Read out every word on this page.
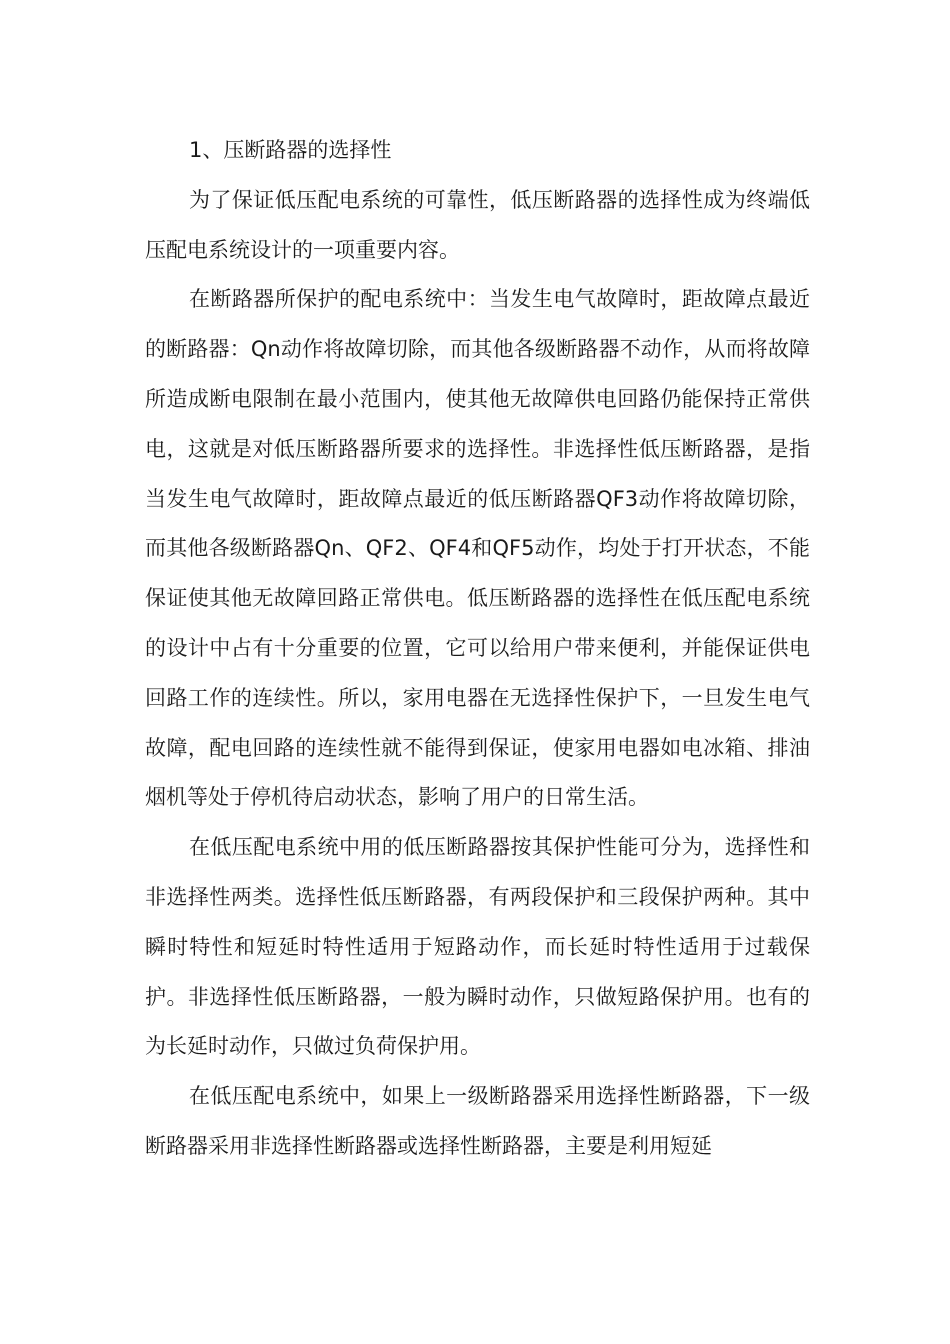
1、压断路器的选择性

为了保证低压配电系统的可靠性，低压断路器的选择性成为终端低压配电系统设计的一项重要内容。

在断路器所保护的配电系统中：当发生电气故障时，距故障点最近的断路器：Qn动作将故障切除，而其他各级断路器不动作，从而将故障所造成断电限制在最小范围内，使其他无故障供电回路仍能保持正常供电，这就是对低压断路器所要求的选择性。非选择性低压断路器，是指当发生电气故障时，距故障点最近的低压断路器QF3动作将故障切除，而其他各级断路器Qn、QF2、QF4和QF5动作，均处于打开状态，不能保证使其他无故障回路正常供电。低压断路器的选择性在低压配电系统的设计中占有十分重要的位置，它可以给用户带来便利，并能保证供电回路工作的连续性。所以，家用电器在无选择性保护下，一旦发生电气故障，配电回路的连续性就不能得到保证，使家用电器如电冰箱、排油烟机等处于停机待启动状态，影响了用户的日常生活。

在低压配电系统中用的低压断路器按其保护性能可分为，选择性和非选择性两类。选择性低压断路器，有两段保护和三段保护两种。其中瞬时特性和短延时特性适用于短路动作，而长延时特性适用于过载保护。非选择性低压断路器，一般为瞬时动作，只做短路保护用。也有的为长延时动作，只做过负荷保护用。

在低压配电系统中，如果上一级断路器采用选择性断路器，下一级断路器采用非选择性断路器或选择性断路器，主要是利用短延
